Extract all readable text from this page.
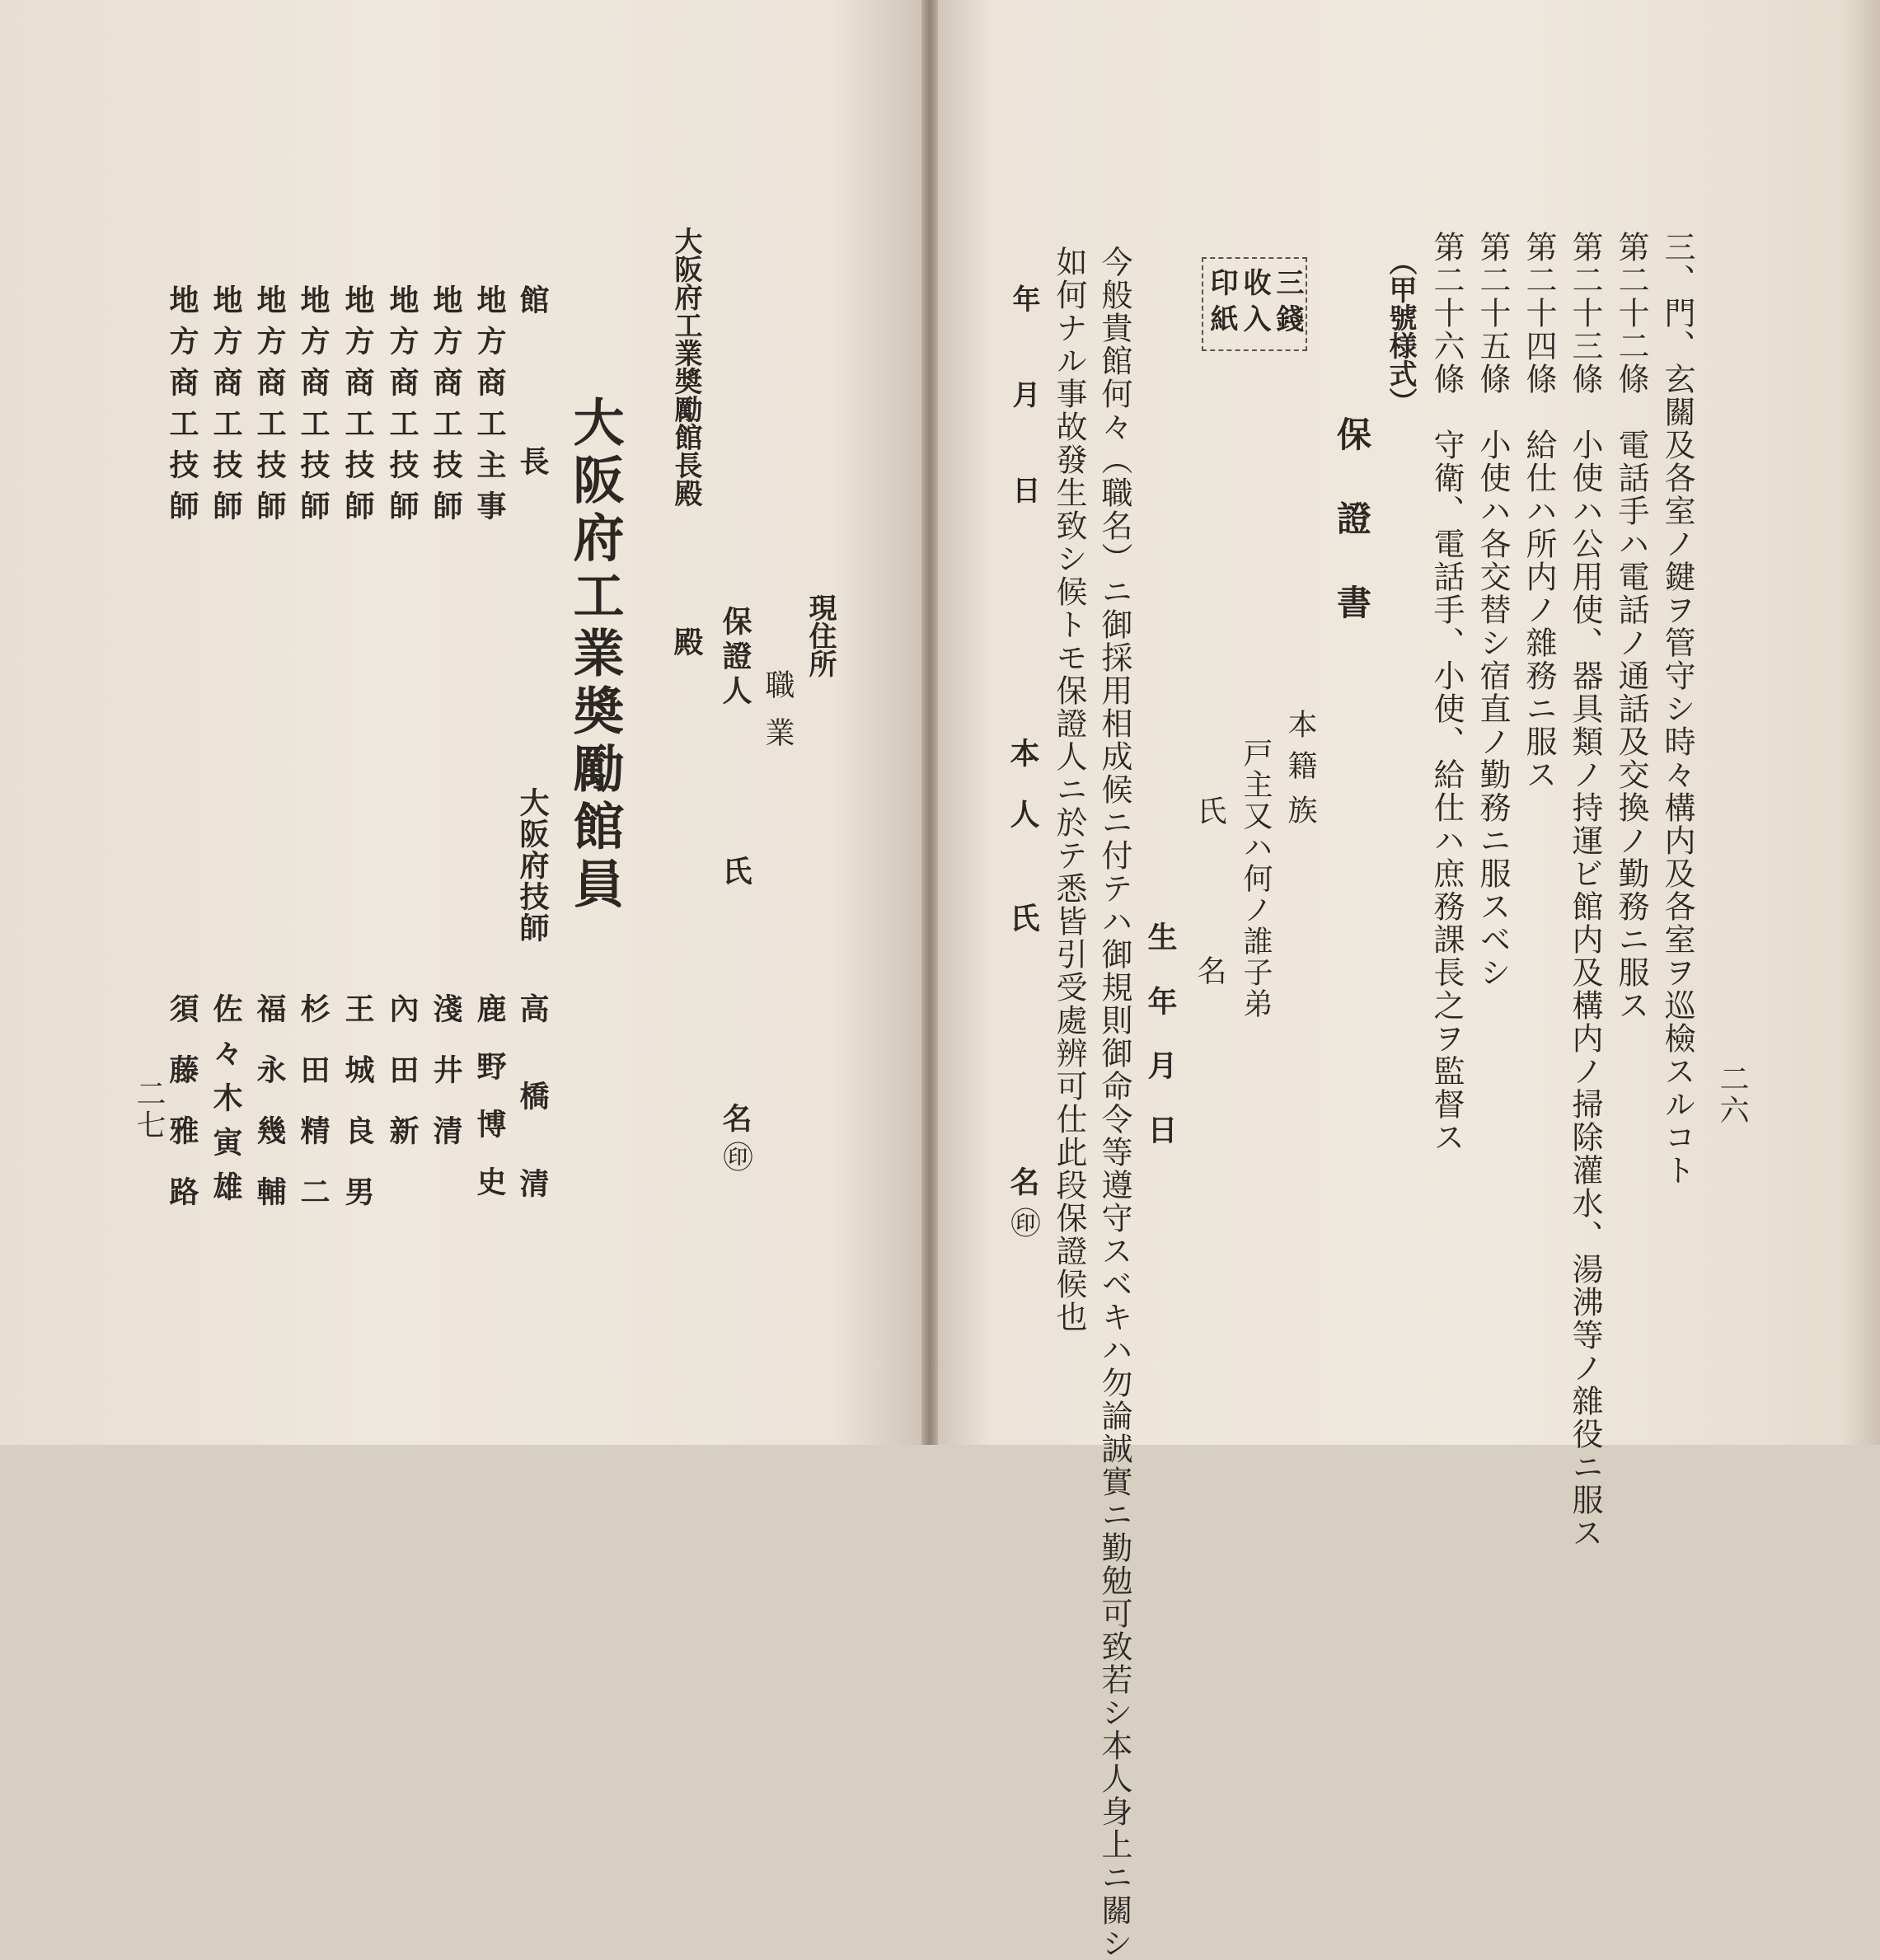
二六
三、門、玄關及各室ノ鍵ヲ管守シ時々構内及各室ヲ巡檢スルコト
第二十二條　電話手ハ電話ノ通話及交換ノ勤務ニ服ス
第二十三條　小使ハ公用使、器具類ノ持運ビ館内及構内ノ掃除灌水、湯沸等ノ雜役ニ服ス
第二十四條　給仕ハ所内ノ雜務ニ服ス
第二十五條　小使ハ各交替シ宿直ノ勤務ニ服スベシ
第二十六條　守衛、電話手、小使、給仕ハ庶務課長之ヲ監督ス
（甲號様式）
保證書
三錢
收入
印紙
本籍
族
戸主又ハ何ノ誰子弟
氏名
生年月日
今般貴館何々（職名）ニ御採用相成候ニ付テハ御規則御命令等遵守スベキハ勿論誠實ニ勤勉可致若シ本人身上ニ關シ
如何ナル事故發生致シ候トモ保證人ニ於テ悉皆引受處辨可仕此段保證候也
年月日
本人
氏
名
㊞
二七
現住所
職業
保證人
氏
名
㊞
大阪府工業奬勵館長殿
殿
大阪府工業奬勵館員
館長
大阪府技師
高橋清
地方商工主事
鹿野博史
地方商工技師
淺井清
地方商工技師
內田新
地方商工技師
王城良男
地方商工技師
杉田精二
地方商工技師
福永幾輔
地方商工技師
佐々木寅雄
地方商工技師
須藤雅路
